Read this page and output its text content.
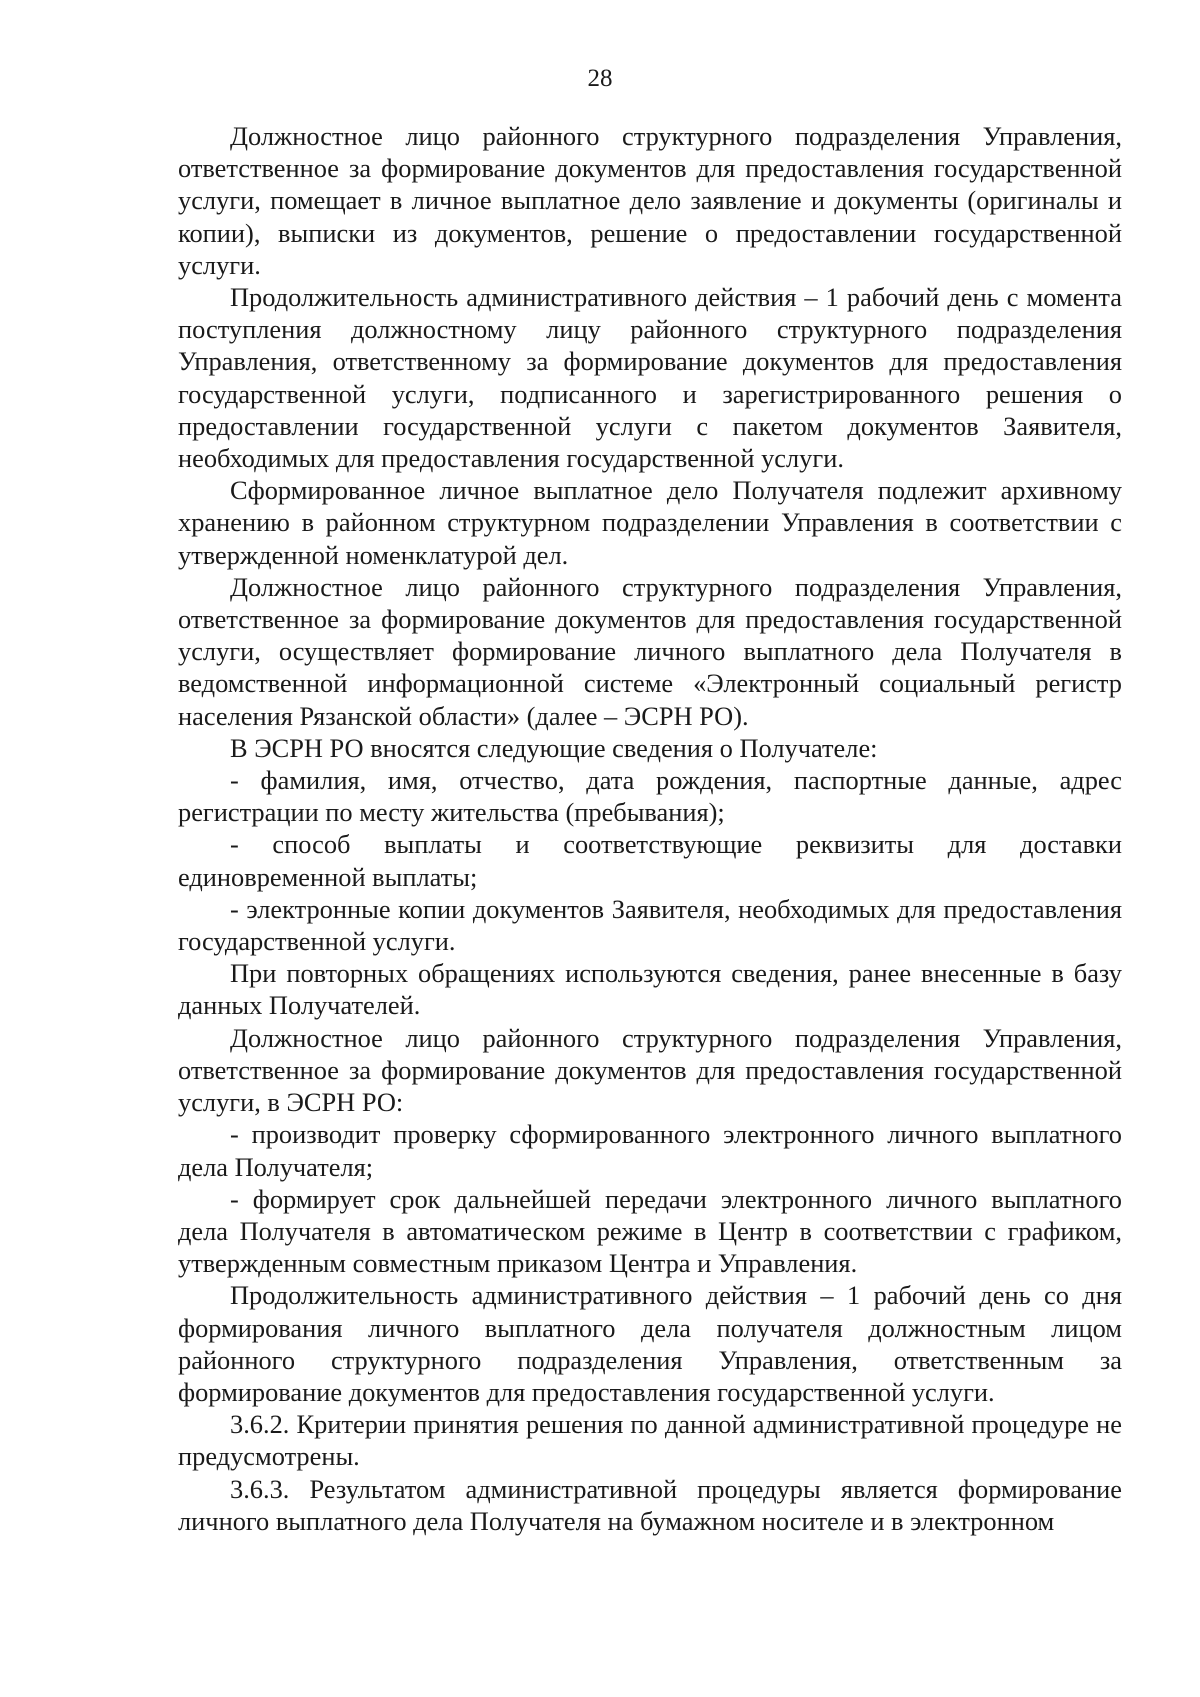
28

Должностное лицо районного структурного подразделения Управления, ответственное за формирование документов для предоставления государственной услуги, помещает в личное выплатное дело заявление и документы (оригиналы и копии), выписки из документов, решение о предоставлении государственной услуги.

Продолжительность административного действия – 1 рабочий день с момента поступления должностному лицу районного структурного подразделения Управления, ответственному за формирование документов для предоставления государственной услуги, подписанного и зарегистрированного решения о предоставлении государственной услуги с пакетом документов Заявителя, необходимых для предоставления государственной услуги.

Сформированное личное выплатное дело Получателя подлежит архивному хранению в районном структурном подразделении Управления в соответствии с утвержденной номенклатурой дел.

Должностное лицо районного структурного подразделения Управления, ответственное за формирование документов для предоставления государственной услуги, осуществляет формирование личного выплатного дела Получателя в ведомственной информационной системе «Электронный социальный регистр населения Рязанской области» (далее – ЭСРН РО).

В ЭСРН РО вносятся следующие сведения о Получателе:

- фамилия, имя, отчество, дата рождения, паспортные данные, адрес регистрации по месту жительства (пребывания);

- способ выплаты и соответствующие реквизиты для доставки единовременной выплаты;

- электронные копии документов Заявителя, необходимых для предоставления государственной услуги.

При повторных обращениях используются сведения, ранее внесенные в базу данных Получателей.

Должностное лицо районного структурного подразделения Управления, ответственное за формирование документов для предоставления государственной услуги, в ЭСРН РО:

- производит проверку сформированного электронного личного выплатного дела Получателя;

- формирует срок дальнейшей передачи электронного личного выплатного дела Получателя в автоматическом режиме в Центр в соответствии с графиком, утвержденным совместным приказом Центра и Управления.

Продолжительность административного действия – 1 рабочий день со дня формирования личного выплатного дела получателя должностным лицом районного структурного подразделения Управления, ответственным за формирование документов для предоставления государственной услуги.

3.6.2. Критерии принятия решения по данной административной процедуре не предусмотрены.

3.6.3. Результатом административной процедуры является формирование личного выплатного дела Получателя на бумажном носителе и в электронном
